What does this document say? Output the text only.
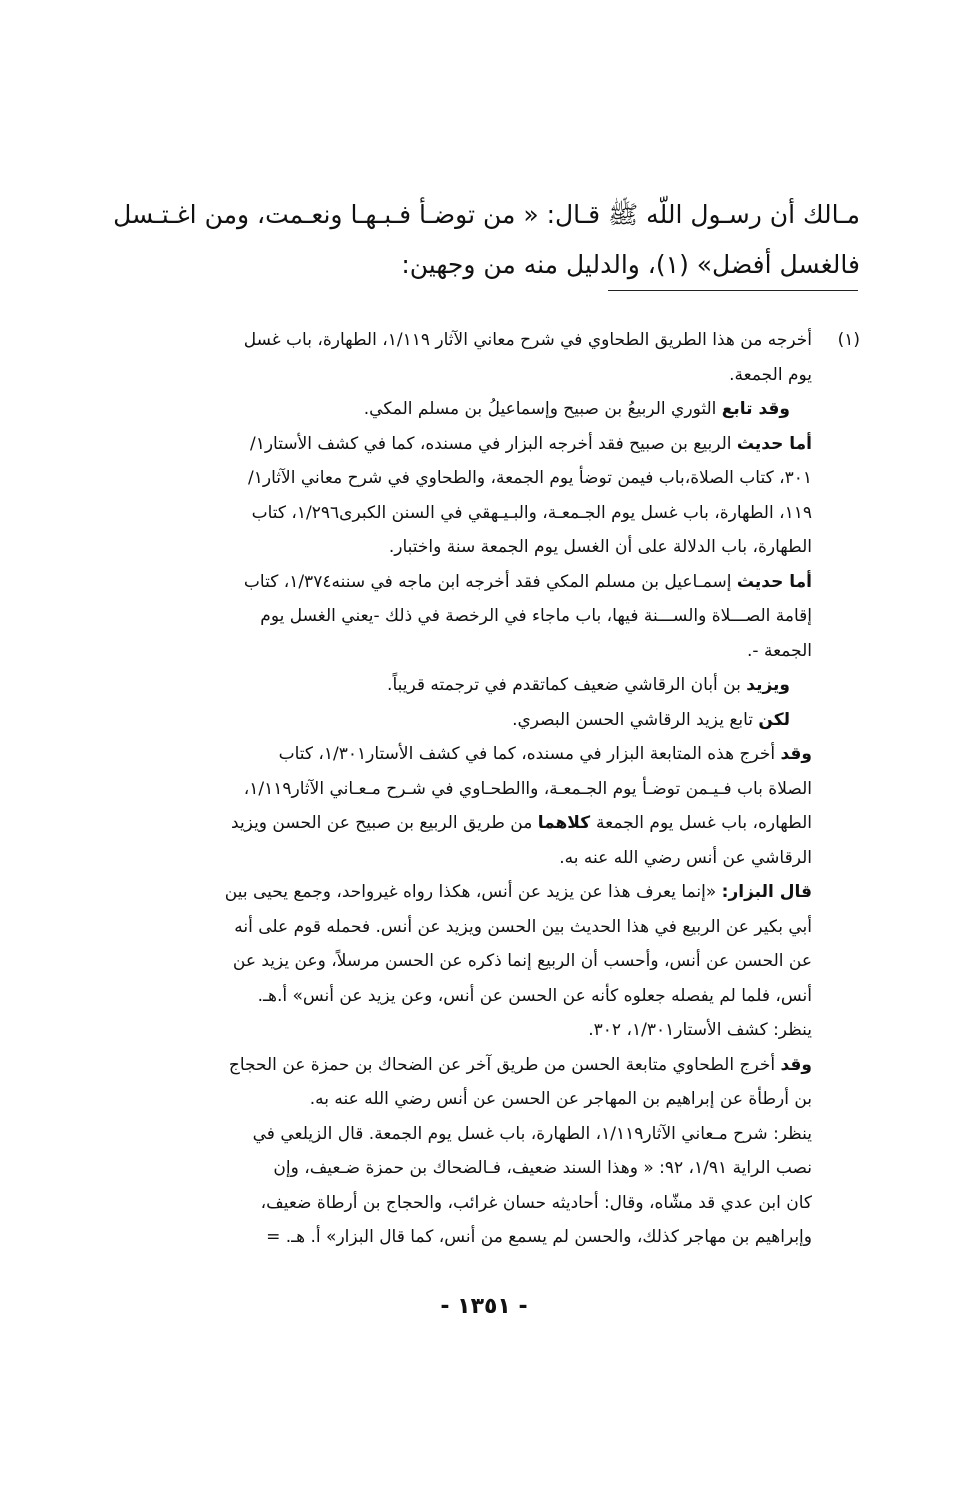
مـالك أن رسـول اللّه ﷺ قـال: « من توضـأ فـبـهـا ونعـمت، ومن اغـتـسل
فالغسل أفضل» (١)، والدليل منه من وجهين:
(١)
أخرجه من هذا الطريق الطحاوي في شرح معاني الآثار ١/١١٩، الطهارة، باب غسل
يوم الجمعة.
وقد تابع الثوري الربيعُ بن صبيح وإسماعيلُ بن مسلم المكي.
أما حديث الربيع بن صبيح فقد أخرجه البزار في مسنده، كما في كشف الأستار١/
٣٠١، كتاب الصلاة،باب فيمن توضأ يوم الجمعة، والطحاوي في شرح معاني الآثار١/
١١٩، الطهارة، باب غسل يوم الجـمعـة، والبـيـهقي في السنن الكبرى١/٢٩٦، كتاب
الطهارة، باب الدلالة على أن الغسل يوم الجمعة سنة واختبار.
أما حديث إسمـاعيل بن مسلم المكي فقد أخرجه ابن ماجه في سننه١/٣٧٤، كتاب
إقامة الصـــلاة والســـنة فيها، باب ماجاء في الرخصة في ذلك -يعني الغسل يوم
الجمعة -.
ويزيد بن أبان الرقاشي ضعيف كماتقدم في ترجمته قريباً.
لكن تابع يزيد الرقاشي الحسن البصري.
وقد أخرج هذه المتابعة البزار في مسنده، كما في كشف الأستار١/٣٠١، كتاب
الصلاة باب فـيـمن توضـأ يوم الجـمعـة، واالطحـاوي في شـرح مـعـاني الآثار١/١١٩،
الطهاره، باب غسل يوم الجمعة كلاهما من طريق الربيع بن صبيح عن الحسن ويزيد
الرقاشي عن أنس رضي الله عنه به.
قال البزار: «إنما يعرف هذا عن يزيد عن أنس، هكذا رواه غيرواحد، وجمع يحيى بين
أبي بكير عن الربيع في هذا الحديث بين الحسن ويزيد عن أنس. فحمله قوم على أنه
عن الحسن عن أنس، وأحسب أن الربيع إنما ذكره عن الحسن مرسلاً، وعن يزيد عن
أنس، فلما لم يفصله جعلوه كأنه عن الحسن عن أنس، وعن يزيد عن أنس» أ.هـ.
ينظر: كشف الأستار١/٣٠١، ٣٠٢.
وقد أخرج الطحاوي متابعة الحسن من طريق آخر عن الضحاك بن حمزة عن الحجاج
بن أرطأة عن إبراهيم بن المهاجر عن الحسن عن أنس رضي الله عنه به.
ينظر: شرح مـعاني الآثار١/١١٩، الطهارة، باب غسل يوم الجمعة. قال الزيلعي في
نصب الراية ١/٩١، ٩٢: « وهذا السند ضعيف، فـالضحاك بن حمزة ضـعيف، وإن
كان ابن عدي قد مشّاه، وقال: أحاديثه حسان غرائب، والحجاج بن أرطاة ضعيف،
وإبراهيم بن مهاجر كذلك، والحسن لم يسمع من أنس، كما قال البزار» أ. هـ. =
- ١٣٥١ -
